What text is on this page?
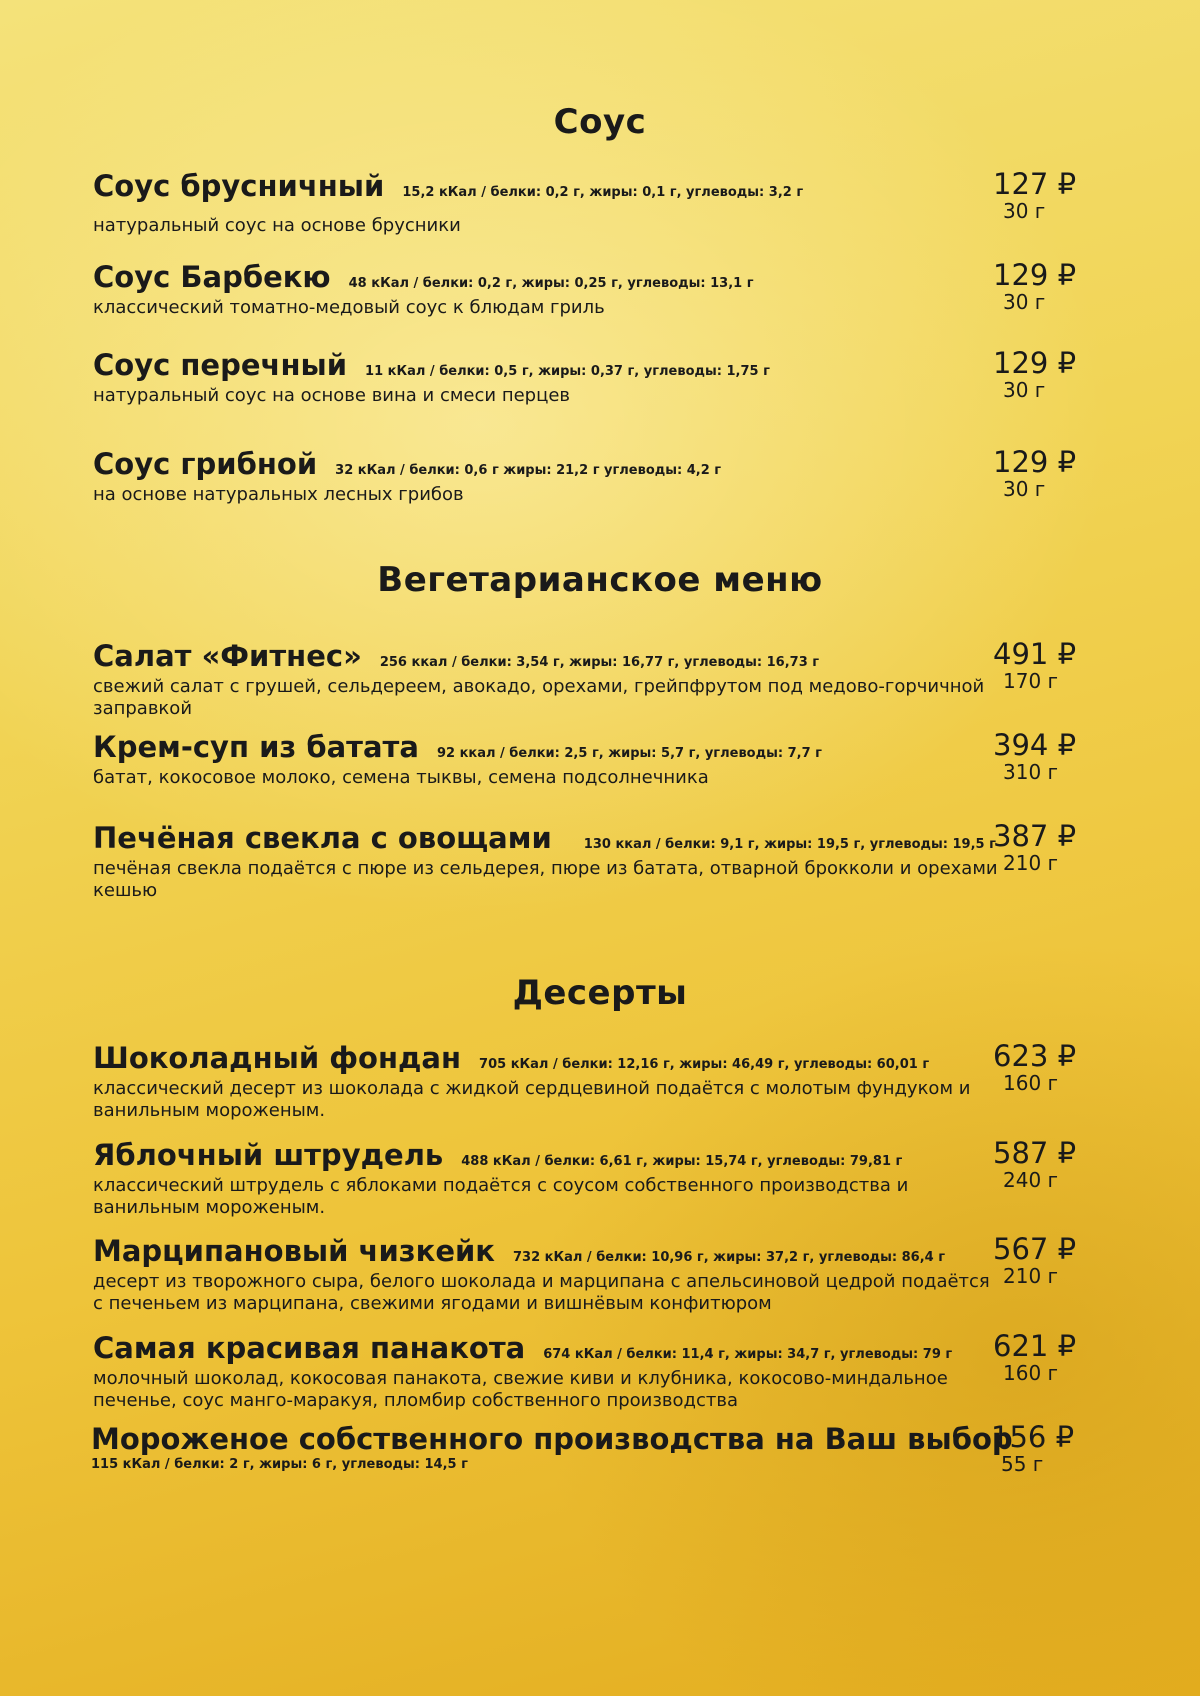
Соус
Соус брусничный 15,2 кКал / белки: 0,2 г, жиры: 0,1 г, углеводы: 3,2 г
натуральный соус на основе брусники
127 ₽
30 г
Соус Барбекю 48 кКал / белки: 0,2 г, жиры: 0,25 г, углеводы: 13,1 г
классический томатно-медовый соус к блюдам гриль
129 ₽
30 г
Соус перечный 11 кКал / белки: 0,5 г, жиры: 0,37 г, углеводы: 1,75 г
натуральный соус на основе вина и смеси перцев
129 ₽
30 г
Соус грибной 32 кКал / белки: 0,6 г жиры: 21,2 г углеводы: 4,2 г
на основе натуральных лесных грибов
129 ₽
30 г
Вегетарианское меню
Салат «Фитнес» 256 ккал / белки: 3,54 г, жиры: 16,77 г, углеводы: 16,73 г
свежий салат с грушей, сельдереем, авокадо, орехами, грейпфрутом под медово-горчичной заправкой
491 ₽
170 г
Крем-суп из батата 92 ккал / белки: 2,5 г, жиры: 5,7 г, углеводы: 7,7 г
батат, кокосовое молоко, семена тыквы, семена подсолнечника
394 ₽
310 г
Печёная свекла с овощами 130 ккал / белки: 9,1 г, жиры: 19,5 г, углеводы: 19,5 г
печёная свекла подаётся с пюре из сельдерея, пюре из батата, отварной брокколи и орехами кешью
387 ₽
210 г
Десерты
Шоколадный фондан 705 кКал / белки: 12,16 г, жиры: 46,49 г, углеводы: 60,01 г
классический десерт из шоколада с жидкой сердцевиной подаётся с молотым фундуком и ванильным мороженым.
623 ₽
160 г
Яблочный штрудель 488 кКал / белки: 6,61 г, жиры: 15,74 г, углеводы: 79,81 г
классический штрудель с яблоками подаётся с соусом собственного производства и ванильным мороженым.
587 ₽
240 г
Марципановый чизкейк 732 кКал / белки: 10,96 г, жиры: 37,2 г, углеводы: 86,4 г
десерт из творожного сыра, белого шоколада и марципана с апельсиновой цедрой подаётся с печеньем из марципана, свежими ягодами и вишнёвым конфитюром
567 ₽
210 г
Самая красивая панакота 674 кКал / белки: 11,4 г, жиры: 34,7 г, углеводы: 79 г
молочный шоколад, кокосовая панакота, свежие киви и клубника, кокосово-миндальное печенье, соус манго-маракуя, пломбир собственного производства
621 ₽
160 г
Мороженое собственного производства на Ваш выбор
115 кКал / белки: 2 г, жиры: 6 г, углеводы: 14,5 г
156 ₽
55 г
